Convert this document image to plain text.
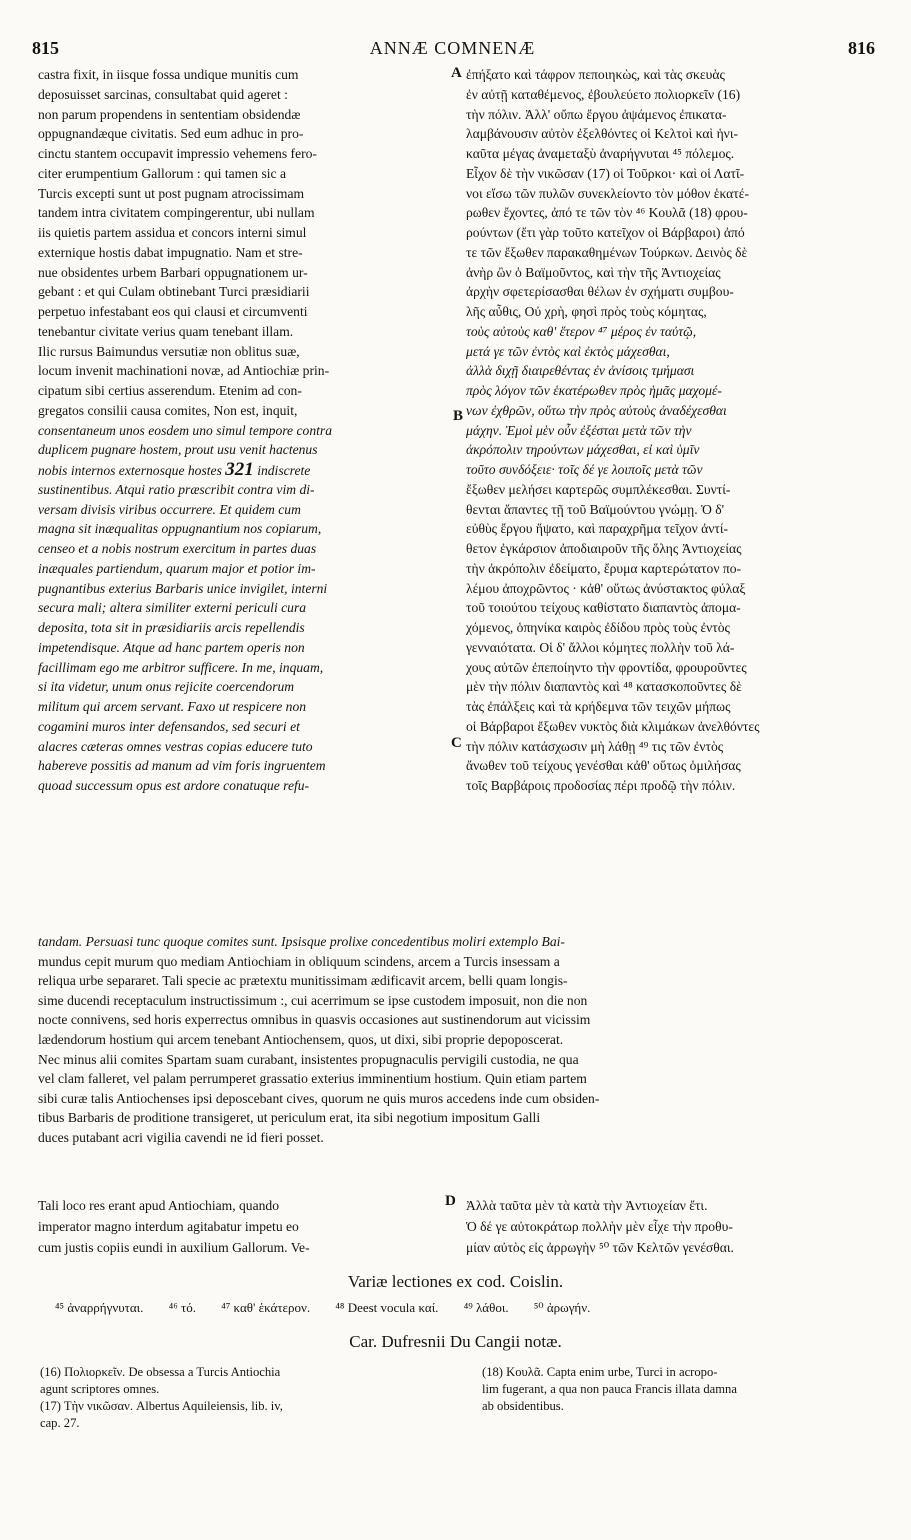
815	ANNÆ COMNENÆ	816
A
B
C
D
castra fixit, in iisque fossa undique munitis cum
deposuisset sarcinas, consultabat quid ageret :
non parum propendens in sententiam obsidendæ
oppugnandæque civitatis. Sed eum adhuc in pro-
cinctu stantem occupavit impressio vehemens fero-
citer erumpentium Gallorum : qui tamen sic a
Turcis excepti sunt ut post pugnam atrocissimam
tandem intra civitatem compingerentur, ubi nullam
iis quietis partem assidua et concors interni simul
externique hostis dabat impugnatio. Nam et stre-
nue obsidentes urbem Barbari oppugnationem ur-
gebant : et qui Culam obtinebant Turci præsidiarii
perpetuo infestabant eos qui clausi et circumventi
tenebantur civitate verius quam tenebant illam.
Ilic rursus Baimundus versutiæ non oblitus suæ,
locum invenit machinationi novæ, ad Antiochiæ prin-
cipatum sibi certius asserendum. Etenim ad con-
gregatos consilii causa comites, Non est, inquit,
consentaneum unos eosdem uno simul tempore contra
duplicem pugnare hostem, prout usu venit hactenus
nobis internos externosque hostes 321 indiscrete
sustinentibus. Atqui ratio præscribit contra vim di-
versam divisis viribus occurrere. Et quidem cum
magna sit inæqualitas oppugnantium nos copiarum,
censeo et a nobis nostrum exercitum in partes duas
inæquales partiendum, quarum major et potior im-
pugnantibus exterius Barbaris unice invigilet, interni
secura mali; altera similiter externi periculi cura
deposita, tota sit in præsidiariis arcis repellendis
impetendisque. Atque ad hanc partem operis non
facillimam ego me arbitror sufficere. In me, inquam,
si ita videtur, unum onus rejicite coercendorum
militum qui arcem servant. Faxo ut respicere non
cogamini muros inter defensandos, sed securi et
alacres cæteras omnes vestras copias educere tuto
habereve possitis ad manum ad vim foris ingruentem
quoad successum opus est ardore conatuque refu-
ἐπήξατο καὶ τάφρον πεποιηκὼς, καὶ τὰς σκευὰς
ἐν αὐτῇ καταθέμενος, ἐβουλεύετο πολιορκεῖν (16)
τὴν πόλιν. Ἀλλ' οὔπω ἔργου ἁψάμενος ἐπικατα-
λαμβάνουσιν αὐτὸν ἐξελθόντες οἱ Κελτοὶ καὶ ἡνι-
καῦτα μέγας ἀναμεταξὺ ἀναρήγνυται ⁴⁵ πόλεμος.
Εἶχον δὲ τὴν νικῶσαν (17) οἱ Τοῦρκοι· καὶ οἱ Λατῖ-
νοι εἴσω τῶν πυλῶν συνεκλείοντο τὸν μόθον ἑκατέ-
ρωθεν ἔχοντες, ἀπό τε τῶν τὸν ⁴⁶ Κουλᾶ (18) φρου-
ρούντων (ἔτι γὰρ τοῦτο κατεῖχον οἱ Βάρβαροι) ἀπό
τε τῶν ἔξωθεν παρακαθημένων Τούρκων. Δεινὸς δὲ
ἀνὴρ ὢν ὁ Βαϊμοῦντος, καὶ τὴν τῆς Ἀντιοχείας
ἀρχὴν σφετερίσασθαι θέλων ἐν σχήματι συμβου-
λῆς αὖθις, Οὐ χρὴ, φησὶ πρὸς τοὺς κόμητας,
τοὺς αὐτοὺς καθ' ἕτερον ⁴⁷ μέρος ἐν ταὐτῷ,
μετά γε τῶν ἐντὸς καὶ ἐκτὸς μάχεσθαι,
ἀλλὰ διχῇ διαιρεθέντας ἐν ἀνίσοις τμήμασι
πρὸς λόγον τῶν ἑκατέρωθεν πρὸς ἡμᾶς μαχομέ-
νων ἐχθρῶν, οὕτω τὴν πρὸς αὐτοὺς ἀναδέχεσθαι
μάχην. Ἐμοὶ μὲν οὖν ἐξέσται μετὰ τῶν τὴν
ἀκρόπολιν τηρούντων μάχεσθαι, εἰ καὶ ὑμῖν
τοῦτο συνδόξειε· τοῖς δέ γε λοιποῖς μετὰ τῶν
ἔξωθεν μελήσει καρτερῶς συμπλέκεσθαι. Συντί-
θενται ἅπαντες τῇ τοῦ Βαϊμούντου γνώμῃ. Ὁ δ'
εὐθὺς ἔργου ἥψατο, καὶ παραχρῆμα τεῖχον ἀντί-
θετον ἐγκάρσιον ἀποδιαιροῦν τῆς ὅλης Ἀντιοχείας
τὴν ἀκρόπολιν ἐδείματο, ἔρυμα καρτερώτατον πο-
λέμου ἀποχρῶντος · κἀθ' οὕτως ἀνύστακτος φύλαξ
τοῦ τοιούτου τείχους καθίστατο διαπαντὸς ἀπομα-
χόμενος, ὁπηνίκα καιρὸς ἐδίδου πρὸς τοὺς ἐντὸς
γενναιότατα. Οἱ δ' ἄλλοι κόμητες πολλὴν τοῦ λά-
χους αὐτῶν ἐπεποίηντο τὴν φροντίδα, φρουροῦντες
μὲν τὴν πόλιν διαπαντὸς καὶ ⁴⁸ κατασκοποῦντες δὲ
τὰς ἐπάλξεις καὶ τὰ κρήδεμνα τῶν τειχῶν μήπως
οἱ Βάρβαροι ἔξωθεν νυκτὸς διὰ κλιμάκων ἀνελθόντες
τὴν πόλιν κατάσχωσιν μὴ λάθῃ ⁴⁹ τις τῶν ἐντὸς
ἄνωθεν τοῦ τείχους γενέσθαι κἀθ' οὕτως ὁμιλήσας
τοῖς Βαρβάροις προδοσίας πέρι προδῷ τὴν πόλιν.
tandam. Persuasi tunc quoque comites sunt. Ipsisque prolixe concedentibus moliri extemplo Bai-
mundus cepit murum quo mediam Antiochiam in obliquum scindens, arcem a Turcis insessam a
reliqua urbe separaret. Tali specie ac prætextu munitissimam ædificavit arcem, belli quam longis-
sime ducendi receptaculum instructissimum :, cui acerrimum se ipse custodem imposuit, non die non
nocte connivens, sed horis experrectus omnibus in quasvis occasiones aut sustinendorum aut vicissim
lædendorum hostium qui arcem tenebant Antiochensem, quos, ut dixi, sibi proprie depoposcerat.
Nec minus alii comites Spartam suam curabant, insistentes propugnaculis pervigili custodia, ne qua
vel clam falleret, vel palam perrumperet grassatio exterius imminentium hostium. Quin etiam partem
sibi curæ talis Antiochenses ipsi deposcebant cives, quorum ne quis muros accedens inde cum obsiden-
tibus Barbaris de proditione transigeret, ut periculum erat, ita sibi negotium impositum Galli
duces putabant acri vigilia cavendi ne id fieri posset.
Tali loco res erant apud Antiochiam, quando
imperator magno interdum agitabatur impetu eo
cum justis copiis eundi in auxilium Gallorum. Ve-
Ἀλλὰ ταῦτα μὲν τὰ κατὰ τὴν Ἀντιοχείαν ἔτι.
Ὁ δέ γε αὐτοκράτωρ πολλὴν μὲν εἶχε τὴν προθυ-
μίαν αὐτὸς εἰς ἀρρωγὴν ⁵⁰ τῶν Κελτῶν γενέσθαι.
Variæ lectiones ex cod. Coislin.
⁴⁵ ἀναρρήγνυται. ⁴⁶ τό. ⁴⁷ καθ' ἑκάτερον. ⁴⁸ Deest vocula καί. ⁴⁹ λάθοι. ⁵⁰ ἀρωγήν.
Car. Dufresnii Du Cangii notæ.
(16) Πολιορκεῖν. De obsessa a Turcis Antiochia
agunt scriptores omnes.
(17) Τὴν νικῶσαν. Albertus Aquileiensis, lib. iv,
cap. 27.
(18) Κουλᾶ. Capta enim urbe, Turci in acropo-
lim fugerant, a qua non pauca Francis illata damna
ab obsidentibus.
